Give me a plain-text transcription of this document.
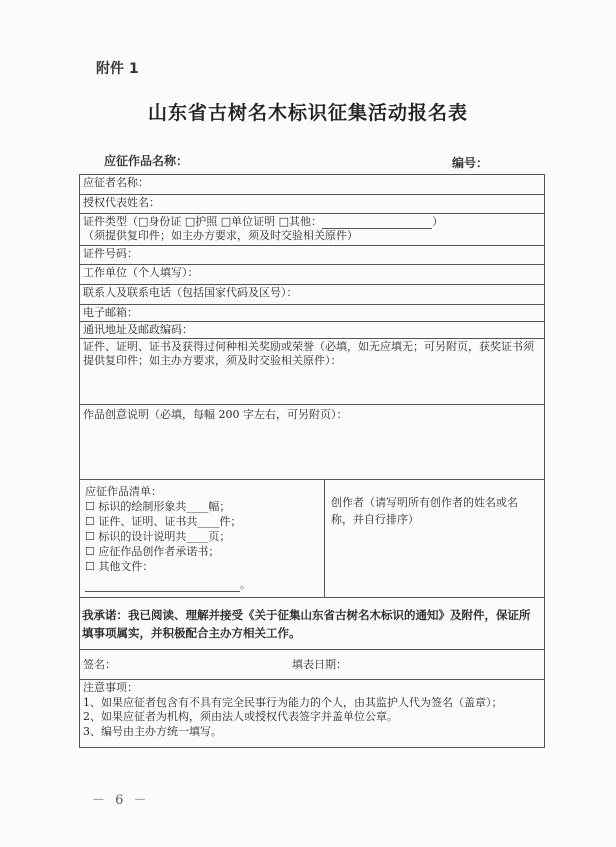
附件 1
山东省古树名木标识征集活动报名表
应征作品名称：	编号：
应征者名称：
授权代表姓名：
证件类型（□身份证 □护照 □单位证明 □其他：	）
（须提供复印件；如主办方要求，须及时交验相关原件）
证件号码：
工作单位（个人填写）：
联系人及联系电话（包括国家代码及区号）：
电子邮箱：
通讯地址及邮政编码：
证件、证明、证书及获得过何种相关奖励或荣誉（必填，如无应填无；可另附页，获奖证书须提供复印件；如主办方要求，须及时交验相关原件）：
作品创意说明（必填，每幅 200 字左右，可另附页）：
应征作品清单：
☐ 标识的绘制形象共____幅；
☐ 证件、证明、证书共____件；
☐ 标识的设计说明共____页；
☐ 应征作品创作者承诺书；
☐ 其他文件：
。
创作者（请写明所有创作者的姓名或名称，并自行排序）
我承诺：我已阅读、理解并接受《关于征集山东省古树名木标识的通知》及附件，保证所填事项属实，并积极配合主办方相关工作。
签名：	填表日期：
注意事项：
1、如果应征者包含有不具有完全民事行为能力的个人，由其监护人代为签名（盖章）；
2、如果应征者为机构，须由法人或授权代表签字并盖单位公章。
3、编号由主办方统一填写。
－ 6 －
